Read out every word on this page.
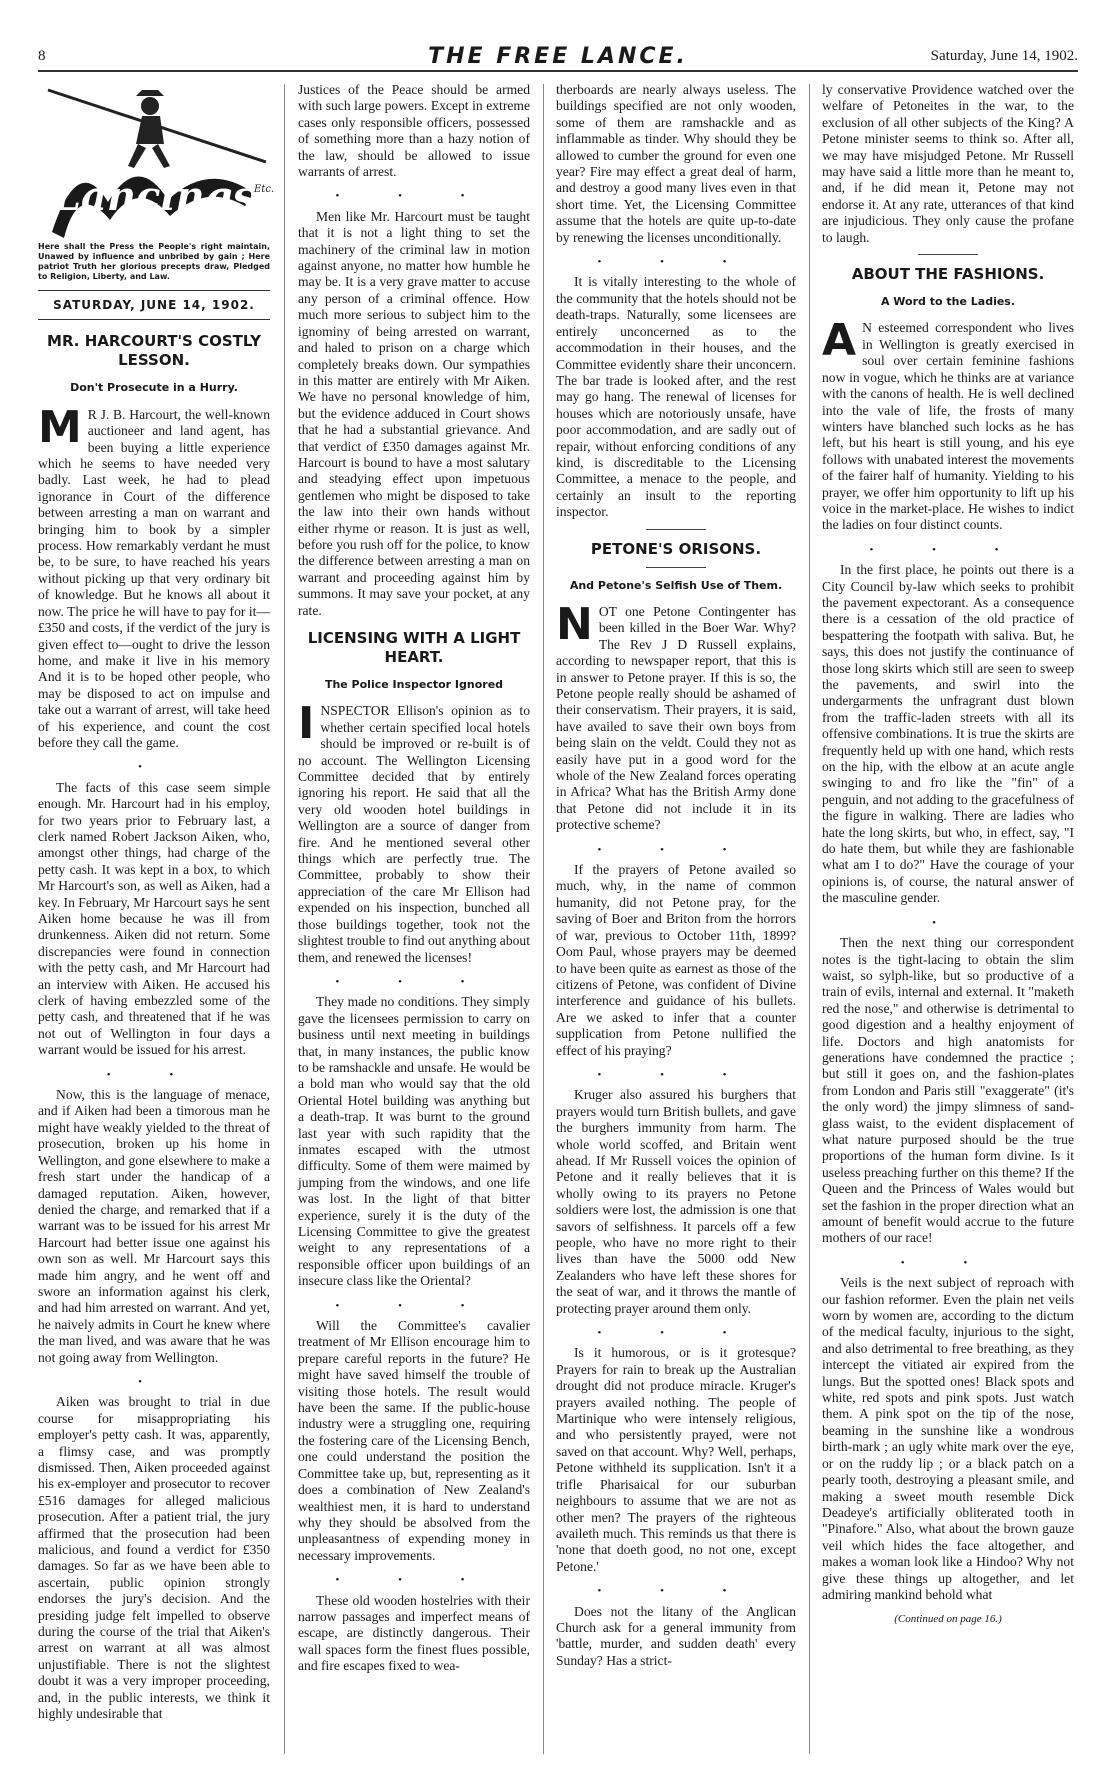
8	THE FREE LANCE.	Saturday, June 14, 1902.
Lancings
Etc.

Here shall the Press the People's right maintain, Unawed by influence and unbribed by gain ; Here patriot Truth her glorious precepts draw, Pledged to Religion, Liberty, and Law.

SATURDAY, JUNE 14, 1902.
MR. HARCOURT'S COSTLY LESSON.
Don't Prosecute in a Hurry.

M R J. B. Harcourt, the well-known auctioneer and land agent, has been buying a little experience which he seems to have needed very badly. Last week, he had to plead ignorance in Court of the difference between arresting a man on warrant and bringing him to book by a simpler process. How remarkably verdant he must be, to be sure, to have reached his years without picking up that very ordinary bit of knowledge. But he knows all about it now. The price he will have to pay for it—£350 and costs, if the verdict of the jury is given effect to—ought to drive the lesson home, and make it live in his memory And it is to be hoped other people, who may be disposed to act on impulse and take out a warrant of arrest, will take heed of his experience, and count the cost before they call the game.

•

The facts of this case seem simple enough. Mr. Harcourt had in his employ, for two years prior to February last, a clerk named Robert Jackson Aiken, who, amongst other things, had charge of the petty cash. It was kept in a box, to which Mr Harcourt's son, as well as Aiken, had a key. In February, Mr Harcourt says he sent Aiken home because he was ill from drunkenness. Aiken did not return. Some discrepancies were found in connection with the petty cash, and Mr Harcourt had an interview with Aiken. He accused his clerk of having embezzled some of the petty cash, and threatened that if he was not out of Wellington in four days a warrant would be issued for his arrest.

• •

Now, this is the language of menace, and if Aiken had been a timorous man he might have weakly yielded to the threat of prosecution, broken up his home in Wellington, and gone elsewhere to make a fresh start under the handicap of a damaged reputation. Aiken, however, denied the charge, and remarked that if a warrant was to be issued for his arrest Mr Harcourt had better issue one against his own son as well. Mr Harcourt says this made him angry, and he went off and swore an information against his clerk, and had him arrested on warrant. And yet, he naively admits in Court he knew where the man lived, and was aware that he was not going away from Wellington.

•

Aiken was brought to trial in due course for misappropriating his employer's petty cash. It was, apparently, a flimsy case, and was promptly dismissed. Then, Aiken proceeded against his ex-employer and prosecutor to recover £516 damages for alleged malicious prosecution. After a patient trial, the jury affirmed that the prosecution had been malicious, and found a verdict for £350 damages. So far as we have been able to ascertain, public opinion strongly endorses the jury's decision. And the presiding judge felt impelled to observe during the course of the trial that Aiken's arrest on warrant at all was almost unjustifiable. There is not the slightest doubt it was a very improper proceeding, and, in the public interests, we think it highly undesirable that

Justices of the Peace should be armed with such large powers. Except in extreme cases only responsible officers, possessed of something more than a hazy notion of the law, should be allowed to issue warrants of arrest.

• • •

Men like Mr. Harcourt must be taught that it is not a light thing to set the machinery of the criminal law in motion against anyone, no matter how humble he may be. It is a very grave matter to accuse any person of a criminal offence. How much more serious to subject him to the ignominy of being arrested on warrant, and haled to prison on a charge which completely breaks down. Our sympathies in this matter are entirely with Mr Aiken. We have no personal knowledge of him, but the evidence adduced in Court shows that he had a substantial grievance. And that verdict of £350 damages against Mr. Harcourt is bound to have a most salutary and steadying effect upon impetuous gentlemen who might be disposed to take the law into their own hands without either rhyme or reason. It is just as well, before you rush off for the police, to know the difference between arresting a man on warrant and proceeding against him by summons. It may save your pocket, at any rate.

LICENSING WITH A LIGHT HEART.
The Police Inspector Ignored

INSPECTOR Ellison's opinion as to whether certain specified local hotels should be improved or re-built is of no account. The Wellington Licensing Committee decided that by entirely ignoring his report. He said that all the very old wooden hotel buildings in Wellington are a source of danger from fire. And he mentioned several other things which are perfectly true. The Committee, probably to show their appreciation of the care Mr Ellison had expended on his inspection, bunched all those buildings together, took not the slightest trouble to find out anything about them, and renewed the licenses!

• • •

They made no conditions. They simply gave the licensees permission to carry on business until next meeting in buildings that, in many instances, the public know to be ramshackle and unsafe. He would be a bold man who would say that the old Oriental Hotel building was anything but a death-trap. It was burnt to the ground last year with such rapidity that the inmates escaped with the utmost difficulty. Some of them were maimed by jumping from the windows, and one life was lost. In the light of that bitter experience, surely it is the duty of the Licensing Committee to give the greatest weight to any representations of a responsible officer upon buildings of an insecure class like the Oriental?

• • •

Will the Committee's cavalier treatment of Mr Ellison encourage him to prepare careful reports in the future? He might have saved himself the trouble of visiting those hotels. The result would have been the same. If the public-house industry were a struggling one, requiring the fostering care of the Licensing Bench, one could understand the position the Committee take up, but, representing as it does a combination of New Zealand's wealthiest men, it is hard to understand why they should be absolved from the unpleasantness of expending money in necessary improvements.

• • •

These old wooden hostelries with their narrow passages and imperfect means of escape, are distinctly dangerous. Their wall spaces form the finest flues possible, and fire escapes fixed to wea-

therboards are nearly always useless. The buildings specified are not only wooden, some of them are ramshackle and as inflammable as tinder. Why should they be allowed to cumber the ground for even one year? Fire may effect a great deal of harm, and destroy a good many lives even in that short time. Yet, the Licensing Committee assume that the hotels are quite up-to-date by renewing the licenses unconditionally.

• • •

It is vitally interesting to the whole of the community that the hotels should not be death-traps. Naturally, some licensees are entirely unconcerned as to the accommodation in their houses, and the Committee evidently share their unconcern. The bar trade is looked after, and the rest may go hang. The renewal of licenses for houses which are notoriously unsafe, have poor accommodation, and are sadly out of repair, without enforcing conditions of any kind, is discreditable to the Licensing Committee, a menace to the people, and certainly an insult to the reporting inspector.

PETONE'S ORISONS.
And Petone's Selfish Use of Them.

NOT one Petone Contingenter has been killed in the Boer War. Why? The Rev J D Russell explains, according to newspaper report, that this is in answer to Petone prayer. If this is so, the Petone people really should be ashamed of their conservatism. Their prayers, it is said, have availed to save their own boys from being slain on the veldt. Could they not as easily have put in a good word for the whole of the New Zealand forces operating in Africa? What has the British Army done that Petone did not include it in its protective scheme?

• • •

If the prayers of Petone availed so much, why, in the name of common humanity, did not Petone pray, for the saving of Boer and Briton from the horrors of war, previous to October 11th, 1899? Oom Paul, whose prayers may be deemed to have been quite as earnest as those of the citizens of Petone, was confident of Divine interference and guidance of his bullets. Are we asked to infer that a counter supplication from Petone nullified the effect of his praying?

• • •

Kruger also assured his burghers that prayers would turn British bullets, and gave the burghers immunity from harm. The whole world scoffed, and Britain went ahead. If Mr Russell voices the opinion of Petone and it really believes that it is wholly owing to its prayers no Petone soldiers were lost, the admission is one that savors of selfishness. It parcels off a few people, who have no more right to their lives than have the 5000 odd New Zealanders who have left these shores for the seat of war, and it throws the mantle of protecting prayer around them only.

• • •

Is it humorous, or is it grotesque? Prayers for rain to break up the Australian drought did not produce miracle. Kruger's prayers availed nothing. The people of Martinique who were intensely religious, and who persistently prayed, were not saved on that account. Why? Well, perhaps, Petone withheld its supplication. Isn't it a trifle Pharisaical for our suburban neighbours to assume that we are not as other men? The prayers of the righteous availeth much. This reminds us that there is 'none that doeth good, no not one, except Petone.'

• • •

Does not the litany of the Anglican Church ask for a general immunity from 'battle, murder, and sudden death' every Sunday? Has a strict-

ly conservative Providence watched over the welfare of Petoneites in the war, to the exclusion of all other subjects of the King? A Petone minister seems to think so. After all, we may have misjudged Petone. Mr Russell may have said a little more than he meant to, and, if he did mean it, Petone may not endorse it. At any rate, utterances of that kind are injudicious. They only cause the profane to laugh.

ABOUT THE FASHIONS.
A Word to the Ladies.

A N esteemed correspondent who lives in Wellington is greatly exercised in soul over certain feminine fashions now in vogue, which he thinks are at variance with the canons of health. He is well declined into the vale of life, the frosts of many winters have blanched such locks as he has left, but his heart is still young, and his eye follows with unabated interest the movements of the fairer half of humanity. Yielding to his prayer, we offer him opportunity to lift up his voice in the market-place. He wishes to indict the ladies on four distinct counts.

• • •

In the first place, he points out there is a City Council by-law which seeks to prohibit the pavement expectorant. As a consequence there is a cessation of the old practice of bespattering the footpath with saliva. But, he says, this does not justify the continuance of those long skirts which still are seen to sweep the pavements, and swirl into the undergarments the unfragrant dust blown from the traffic-laden streets with all its offensive combinations. It is true the skirts are frequently held up with one hand, which rests on the hip, with the elbow at an acute angle swinging to and fro like the "fin" of a penguin, and not adding to the gracefulness of the figure in walking. There are ladies who hate the long skirts, but who, in effect, say, "I do hate them, but while they are fashionable what am I to do?" Have the courage of your opinions is, of course, the natural answer of the masculine gender.

•

Then the next thing our correspondent notes is the tight-lacing to obtain the slim waist, so sylph-like, but so productive of a train of evils, internal and external. It "maketh red the nose," and otherwise is detrimental to good digestion and a healthy enjoyment of life. Doctors and high anatomists for generations have condemned the practice ; but still it goes on, and the fashion-plates from London and Paris still "exaggerate" (it's the only word) the jimpy slimness of sand-glass waist, to the evident displacement of what nature purposed should be the true proportions of the human form divine. Is it useless preaching further on this theme? If the Queen and the Princess of Wales would but set the fashion in the proper direction what an amount of benefit would accrue to the future mothers of our race!

• •

Veils is the next subject of reproach with our fashion reformer. Even the plain net veils worn by women are, according to the dictum of the medical faculty, injurious to the sight, and also detrimental to free breathing, as they intercept the vitiated air expired from the lungs. But the spotted ones! Black spots and white, red spots and pink spots. Just watch them. A pink spot on the tip of the nose, beaming in the sunshine like a wondrous birth-mark ; an ugly white mark over the eye, or on the ruddy lip ; or a black patch on a pearly tooth, destroying a pleasant smile, and making a sweet mouth resemble Dick Deadeye's artificially obliterated tooth in "Pinafore." Also, what about the brown gauze veil which hides the face altogether, and makes a woman look like a Hindoo? Why not give these things up altogether, and let admiring mankind behold what

(Continued on page 16.)
